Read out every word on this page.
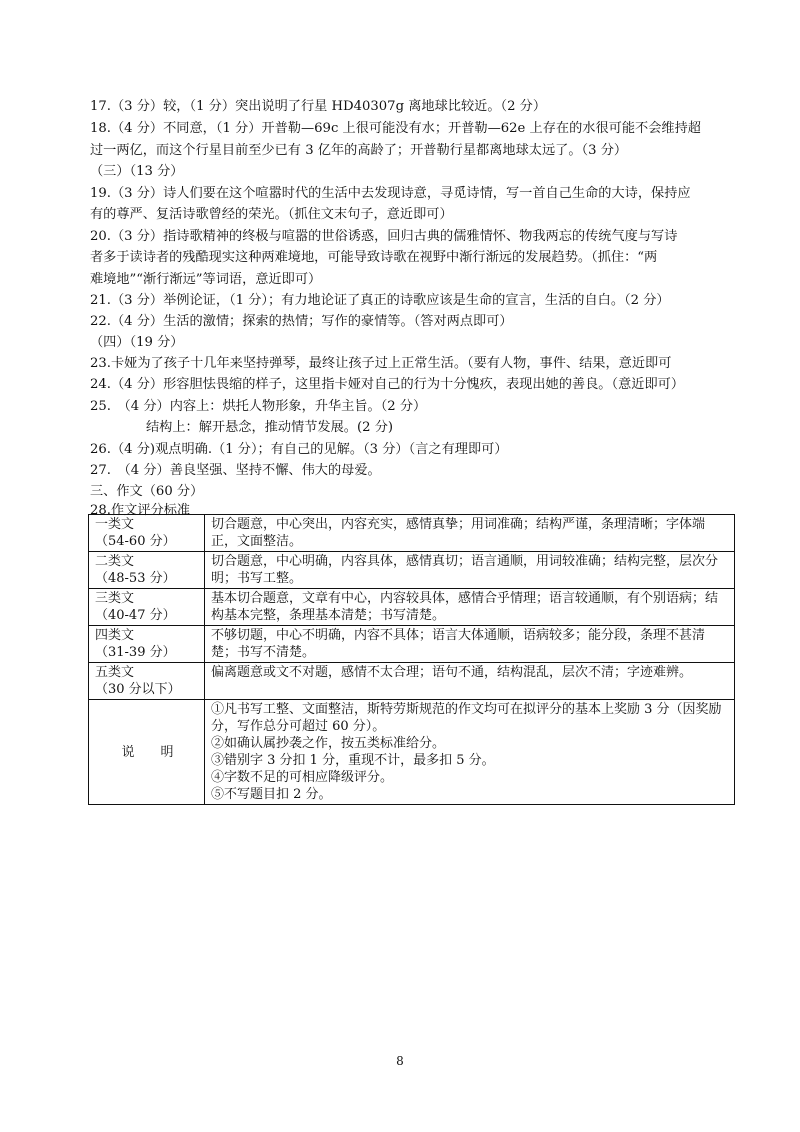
17.（3 分）较，（1 分）突出说明了行星 HD40307g 离地球比较近。（2 分）
18.（4 分）不同意，（1 分）开普勒—69c 上很可能没有水；开普勒—62e 上存在的水很可能不会维持超
过一两亿，而这个行星目前至少已有 3 亿年的高龄了；开普勒行星都离地球太远了。（3 分）
（三）（13 分）
19.（3 分）诗人们要在这个喧嚣时代的生活中去发现诗意，寻觅诗情，写一首自己生命的大诗，保持应
有的尊严、复活诗歌曾经的荣光。（抓住文末句子，意近即可）
20.（3 分）指诗歌精神的终极与喧嚣的世俗诱惑，回归古典的儒雅情怀、物我两忘的传统气度与写诗
者多于读诗者的残酷现实这种两难境地，可能导致诗歌在视野中渐行渐远的发展趋势。（抓住：“两
难境地”“渐行渐远”等词语，意近即可）
21.（3 分）举例论证，（1 分）；有力地论证了真正的诗歌应该是生命的宣言，生活的自白。（2 分）
22.（4 分）生活的激情；探索的热情；写作的豪情等。（答对两点即可）
（四）（19 分）
23.卡娅为了孩子十几年来坚持弹琴，最终让孩子过上正常生活。（要有人物，事件、结果，意近即可
24.（4 分）形容胆怯畏缩的样子，这里指卡娅对自己的行为十分愧疚，表现出她的善良。（意近即可）
25.　（4 分）内容上：烘托人物形象，升华主旨。（2 分）
结构上：解开悬念，推动情节发展。(2 分)
26.（4 分)观点明确.（1 分）；有自己的见解。（3 分）（言之有理即可）
27.　（4 分）善良坚强、坚持不懈、伟大的母爱。
三、作文（60 分）
28.作文评分标准
一类文
（54-60 分）	切合题意，中心突出，内容充实，感情真挚；用词准确；结构严谨，条理清晰；字体端正，文面整洁。

二类文
（48-53 分）	切合题意，中心明确，内容具体，感情真切；语言通顺，用词较准确；结构完整，层次分明；书写工整。

三类文
（40-47 分）	基本切合题意，文章有中心，内容较具体，感情合乎情理；语言较通顺，有个别语病；结构基本完整，条理基本清楚；书写清楚。

四类文
（31-39 分）	不够切题，中心不明确，内容不具体；语言大体通顺，语病较多；能分段，条理不甚清楚；书写不清楚。

五类文
（30 分以下）	偏离题意或文不对题，感情不太合理；语句不通，结构混乱，层次不清；字迹难辨。
说　　明	①凡书写工整、文面整洁，斯特劳斯规范的作文均可在拟评分的基本上奖励 3 分（因奖励分，写作总分可超过 60 分）。
②如确认属抄袭之作，按五类标准给分。
③错别字 3 分扣 1 分，重现不计，最多扣 5 分。
④字数不足的可相应降级评分。
⑤不写题目扣 2 分。
8
